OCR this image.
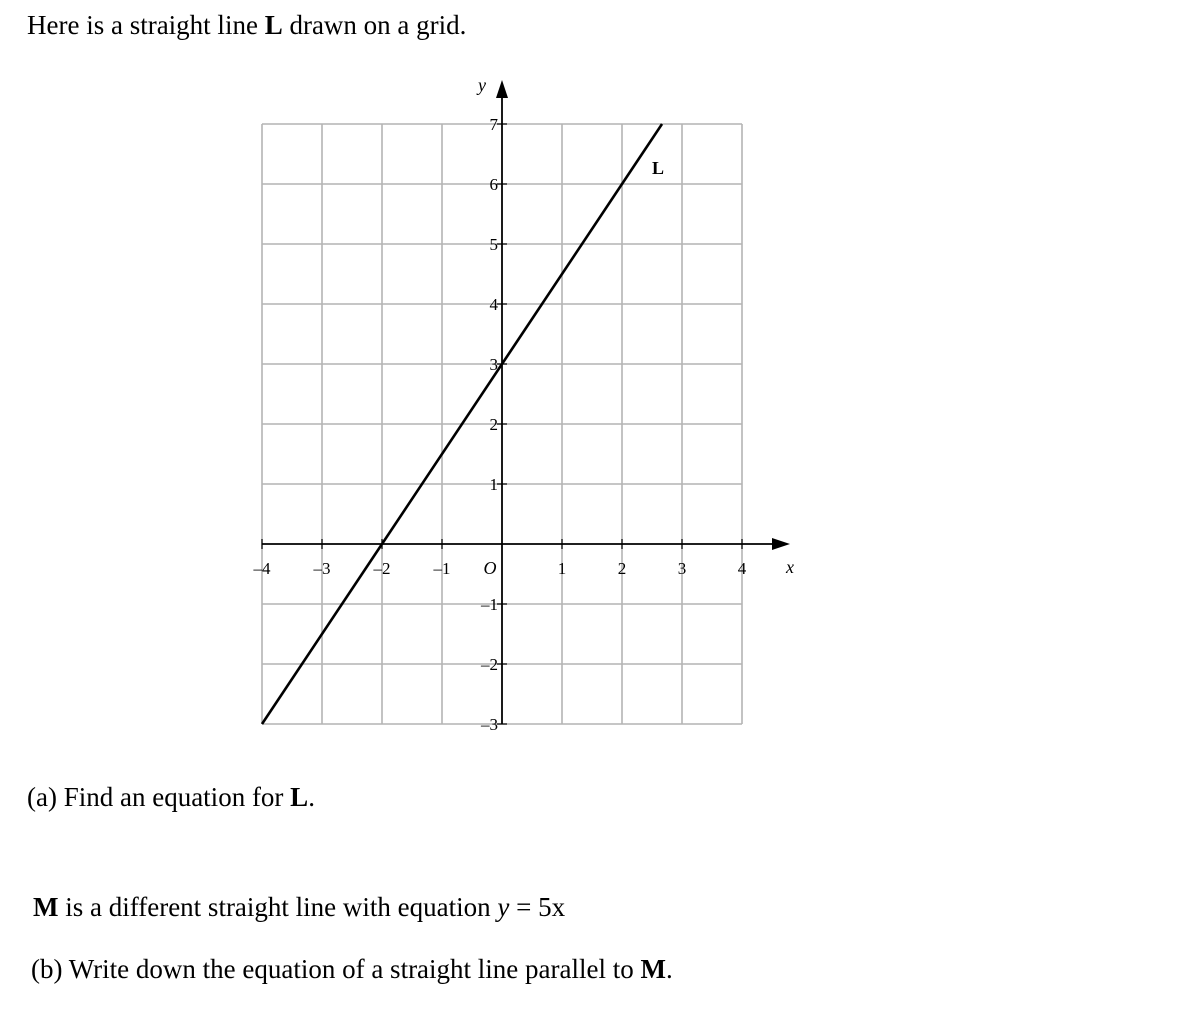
Here is a straight line L drawn on a grid.
x
y
–4	–3	–2	–1	1	2	3	4
7
6
5
4
3
2
1
–1
–2
–3
O
L
(a) Find an equation for L.
M is a different straight line with equation y = 5x
(b) Write down the equation of a straight line parallel to M.
